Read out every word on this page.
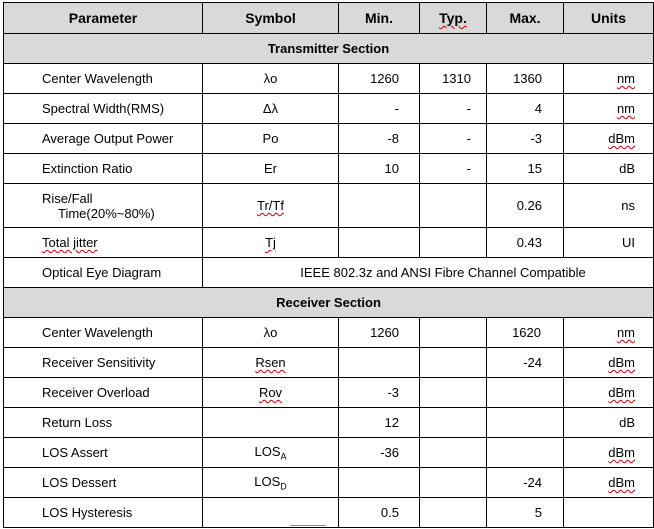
Parameter	Symbol	Min.	Typ.	Max.	Units
Transmitter Section					
Center Wavelength	λo	1260	1310	1360	nm
Spectral Width(RMS)	Δλ	-	-	4	nm
Average Output Power	Po	-8	-	-3	dBm
Extinction Ratio	Er	10	-	15	dB

Rise/Fall
Time(20%~80%)	Tr/Tf			0.26	ns
Total jitter	Tj			0.43	UI
Optical Eye Diagram	IEEE 802.3z and ANSI Fibre Channel Compatible				
Receiver Section					
Center Wavelength	λo	1260		1620	nm
Receiver Sensitivity	Rsen			-24	dBm
Receiver Overload	Rov	-3			dBm
Return Loss		12			dB
LOS Assert	$LOS_A$	-36			dBm
LOS Dessert	$LOS_D$			-24	dBm
LOS Hysteresis		0.5		5	
